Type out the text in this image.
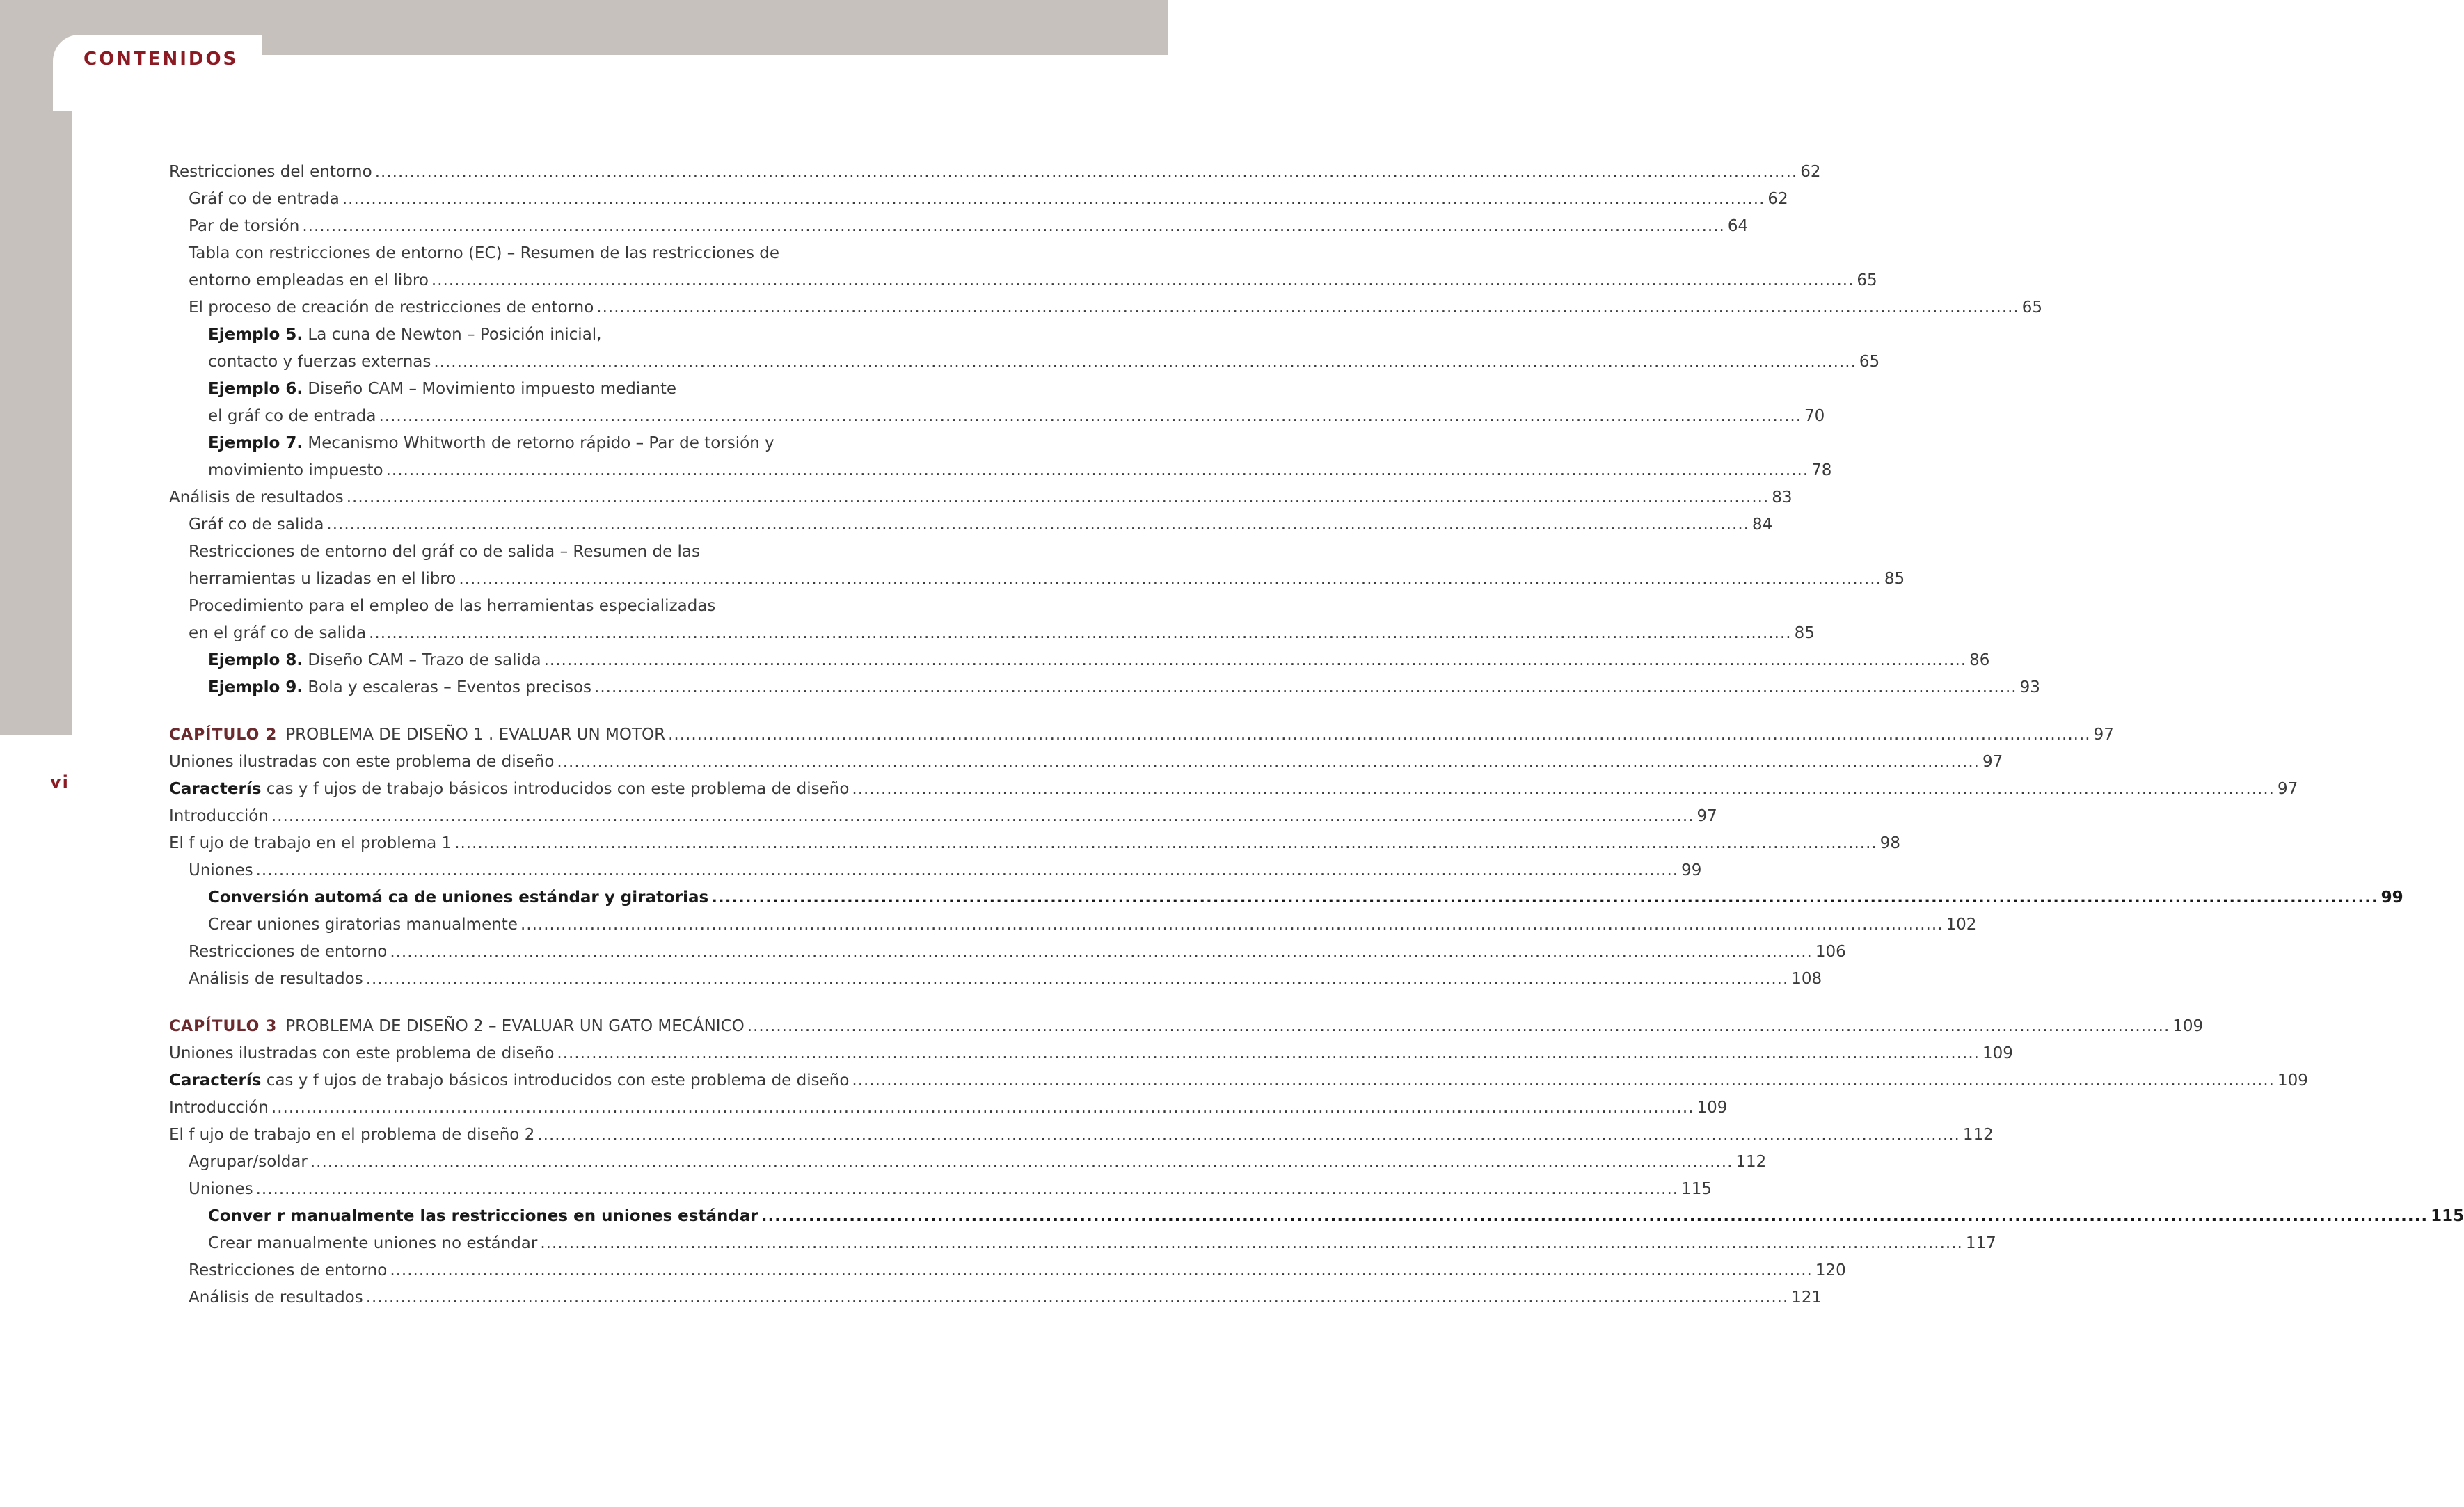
CONTENIDOS
vi
Restricciones del entorno ...................................................................................................................................................................................................................................................... 62
Gráf co de entrada ...................................................................................................................................................................................................................................................... 62
Par de torsión ...................................................................................................................................................................................................................................................... 64
Tabla con restricciones de entorno (EC) – Resumen de las restricciones de
entorno empleadas en el libro ...................................................................................................................................................................................................................................................... 65
El proceso de creación de restricciones de entorno ...................................................................................................................................................................................................................................................... 65
Ejemplo 5. La cuna de Newton – Posición inicial,
contacto y fuerzas externas ...................................................................................................................................................................................................................................................... 65
Ejemplo 6. Diseño CAM – Movimiento impuesto mediante
el gráf co de entrada ...................................................................................................................................................................................................................................................... 70
Ejemplo 7. Mecanismo Whitworth de retorno rápido – Par de torsión y
movimiento impuesto ...................................................................................................................................................................................................................................................... 78
Análisis de resultados ...................................................................................................................................................................................................................................................... 83
Gráf co de salida ...................................................................................................................................................................................................................................................... 84
Restricciones de entorno del gráf co de salida – Resumen de las
herramientas u lizadas en el libro ...................................................................................................................................................................................................................................................... 85
Procedimiento para el empleo de las herramientas especializadas
en el gráf co de salida ...................................................................................................................................................................................................................................................... 85
Ejemplo 8. Diseño CAM – Trazo de salida ...................................................................................................................................................................................................................................................... 86
Ejemplo 9. Bola y escaleras – Eventos precisos ...................................................................................................................................................................................................................................................... 93
CAPÍTULO 2 PROBLEMA DE DISEÑO 1 . EVALUAR UN MOTOR ...................................................................................................................................................................................................................................................... 97
Uniones ilustradas con este problema de diseño ...................................................................................................................................................................................................................................................... 97
Caracterís cas y f ujos de trabajo básicos introducidos con este problema de diseño ...................................................................................................................................................................................................................................................... 97
Introducción ...................................................................................................................................................................................................................................................... 97
El f ujo de trabajo en el problema 1 ...................................................................................................................................................................................................................................................... 98
Uniones ...................................................................................................................................................................................................................................................... 99
Conversión automá ca de uniones estándar y giratorias ...................................................................................................................................................................................................................................................... 99
Crear uniones giratorias manualmente ...................................................................................................................................................................................................................................................... 102
Restricciones de entorno ...................................................................................................................................................................................................................................................... 106
Análisis de resultados ...................................................................................................................................................................................................................................................... 108
CAPÍTULO 3 PROBLEMA DE DISEÑO 2 – EVALUAR UN GATO MECÁNICO ...................................................................................................................................................................................................................................................... 109
Uniones ilustradas con este problema de diseño ...................................................................................................................................................................................................................................................... 109
Caracterís cas y f ujos de trabajo básicos introducidos con este problema de diseño ...................................................................................................................................................................................................................................................... 109
Introducción ...................................................................................................................................................................................................................................................... 109
El f ujo de trabajo en el problema de diseño 2 ...................................................................................................................................................................................................................................................... 112
Agrupar/soldar ...................................................................................................................................................................................................................................................... 112
Uniones ...................................................................................................................................................................................................................................................... 115
Conver r manualmente las restricciones en uniones estándar ...................................................................................................................................................................................................................................................... 115
Crear manualmente uniones no estándar ...................................................................................................................................................................................................................................................... 117
Restricciones de entorno ...................................................................................................................................................................................................................................................... 120
Análisis de resultados ...................................................................................................................................................................................................................................................... 121
